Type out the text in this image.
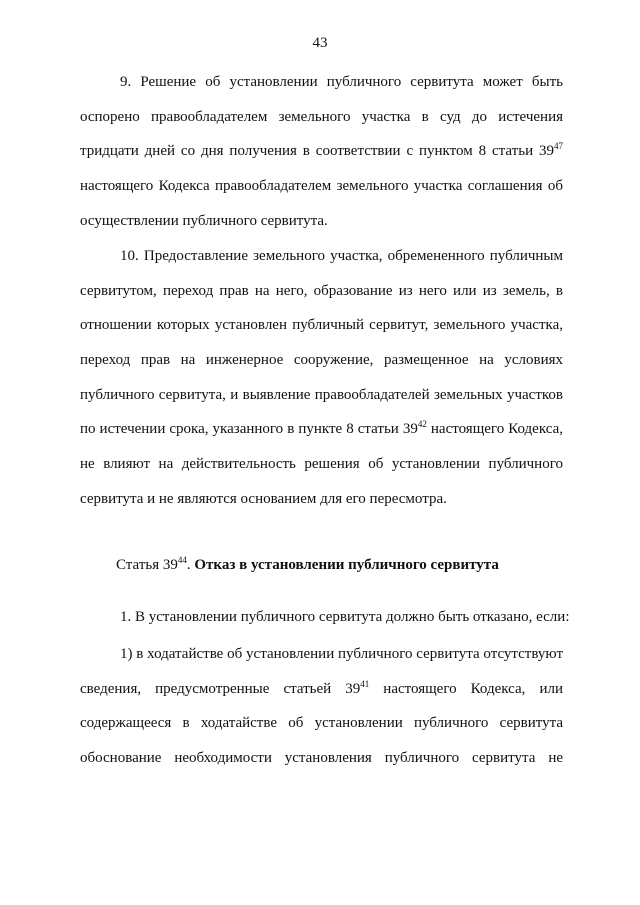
43
9. Решение об установлении публичного сервитута может быть
оспорено правообладателем земельного участка в суд до истечения
тридцати дней со дня получения в соответствии с пунктом 8 статьи $39^{47}$
настоящего Кодекса правообладателем земельного участка соглашения об
осуществлении публичного сервитута.
10. Предоставление земельного участка, обремененного публичным
сервитутом, переход прав на него, образование из него или из земель, в
отношении которых установлен публичный сервитут, земельного участка,
переход прав на инженерное сооружение, размещенное на условиях
публичного сервитута, и выявление правообладателей земельных участков
по истечении срока, указанного в пункте 8 статьи $39^{42}$ настоящего Кодекса,
не влияют на действительность решения об установлении публичного
сервитута и не являются основанием для его пересмотра.
Статья $39^{44}$. Отказ в установлении публичного сервитута
1. В установлении публичного сервитута должно быть отказано, если:
1) в ходатайстве об установлении публичного сервитута отсутствуют
сведения, предусмотренные статьей $39^{41}$ настоящего Кодекса, или
содержащееся в ходатайстве об установлении публичного сервитута
обоснование необходимости установления публичного сервитута не
